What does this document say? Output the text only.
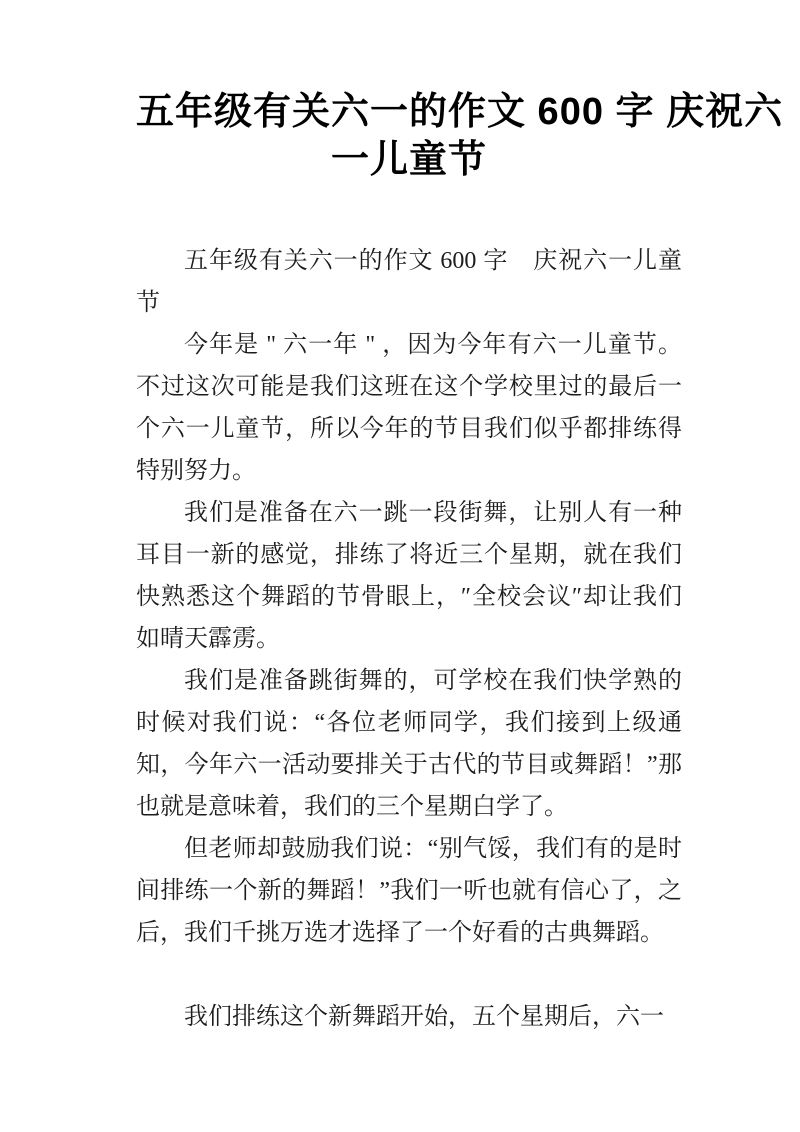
五年级有关六一的作文 600 字 庆祝六
一儿童节

五年级有关六一的作文 600 字　庆祝六一儿童节

今年是 " 六一年 " ，因为今年有六一儿童节。不过这次可能是我们这班在这个学校里过的最后一个六一儿童节，所以今年的节目我们似乎都排练得特别努力。

我们是准备在六一跳一段街舞，让别人有一种耳目一新的感觉，排练了将近三个星期，就在我们快熟悉这个舞蹈的节骨眼上，″全校会议″却让我们如晴天霹雳。

我们是准备跳街舞的，可学校在我们快学熟的时候对我们说：“各位老师同学，我们接到上级通知，今年六一活动要排关于古代的节目或舞蹈！”那也就是意味着，我们的三个星期白学了。

但老师却鼓励我们说：“别气馁，我们有的是时间排练一个新的舞蹈！”我们一听也就有信心了，之后，我们千挑万选才选择了一个好看的古典舞蹈。

我们排练这个新舞蹈开始，五个星期后，六一
